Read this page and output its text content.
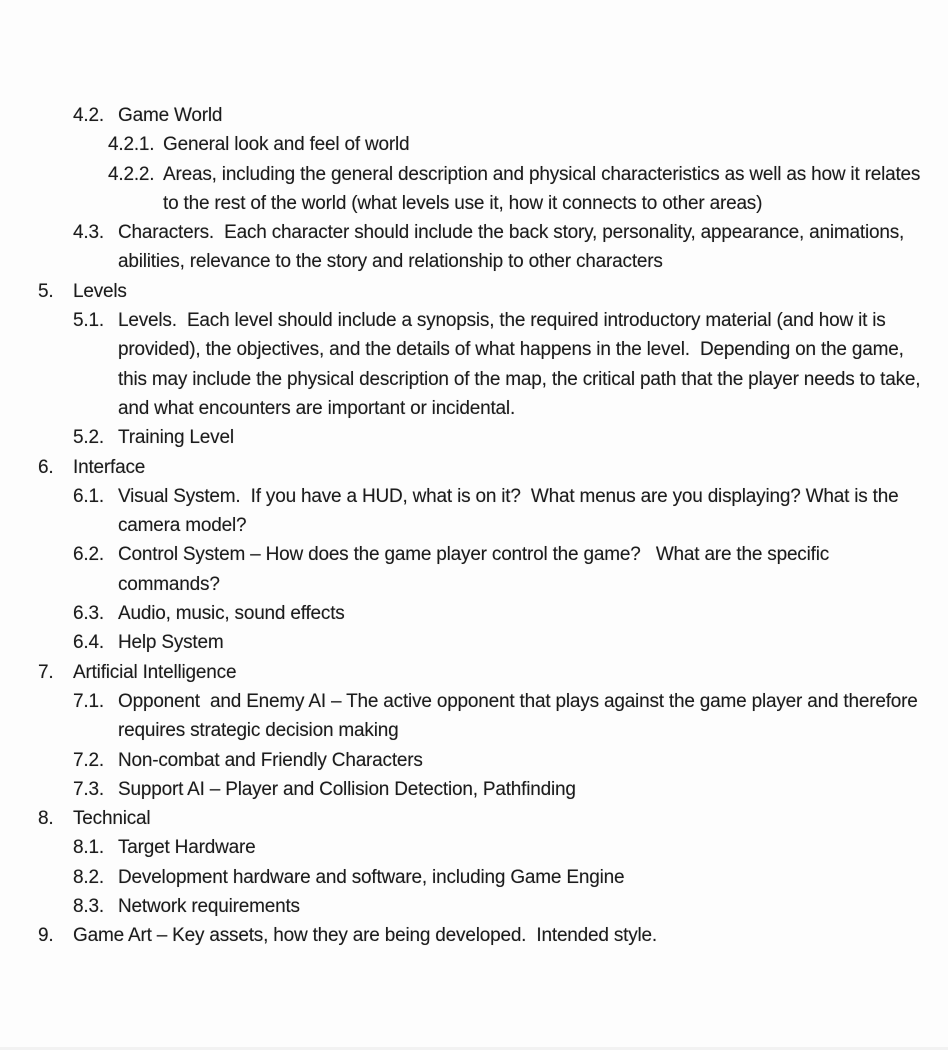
4.2. Game World
4.2.1. General look and feel of world
4.2.2. Areas, including the general description and physical characteristics as well as how it relates to the rest of the world (what levels use it, how it connects to other areas)
4.3. Characters.  Each character should include the back story, personality, appearance, animations, abilities, relevance to the story and relationship to other characters
5.	Levels
5.1. Levels.  Each level should include a synopsis, the required introductory material (and how it is provided), the objectives, and the details of what happens in the level.  Depending on the game, this may include the physical description of the map, the critical path that the player needs to take, and what encounters are important or incidental.
5.2. Training Level
6.	Interface
6.1. Visual System.  If you have a HUD, what is on it?  What menus are you displaying? What is the camera model?
6.2. Control System – How does the game player control the game?   What are the specific commands?
6.3. Audio, music, sound effects
6.4. Help System
7.	Artificial Intelligence
7.1. Opponent  and Enemy AI – The active opponent that plays against the game player and therefore requires strategic decision making
7.2. Non-combat and Friendly Characters
7.3. Support AI – Player and Collision Detection, Pathfinding
8.	Technical
8.1. Target Hardware
8.2. Development hardware and software, including Game Engine
8.3. Network requirements
9.	Game Art – Key assets, how they are being developed.  Intended style.
